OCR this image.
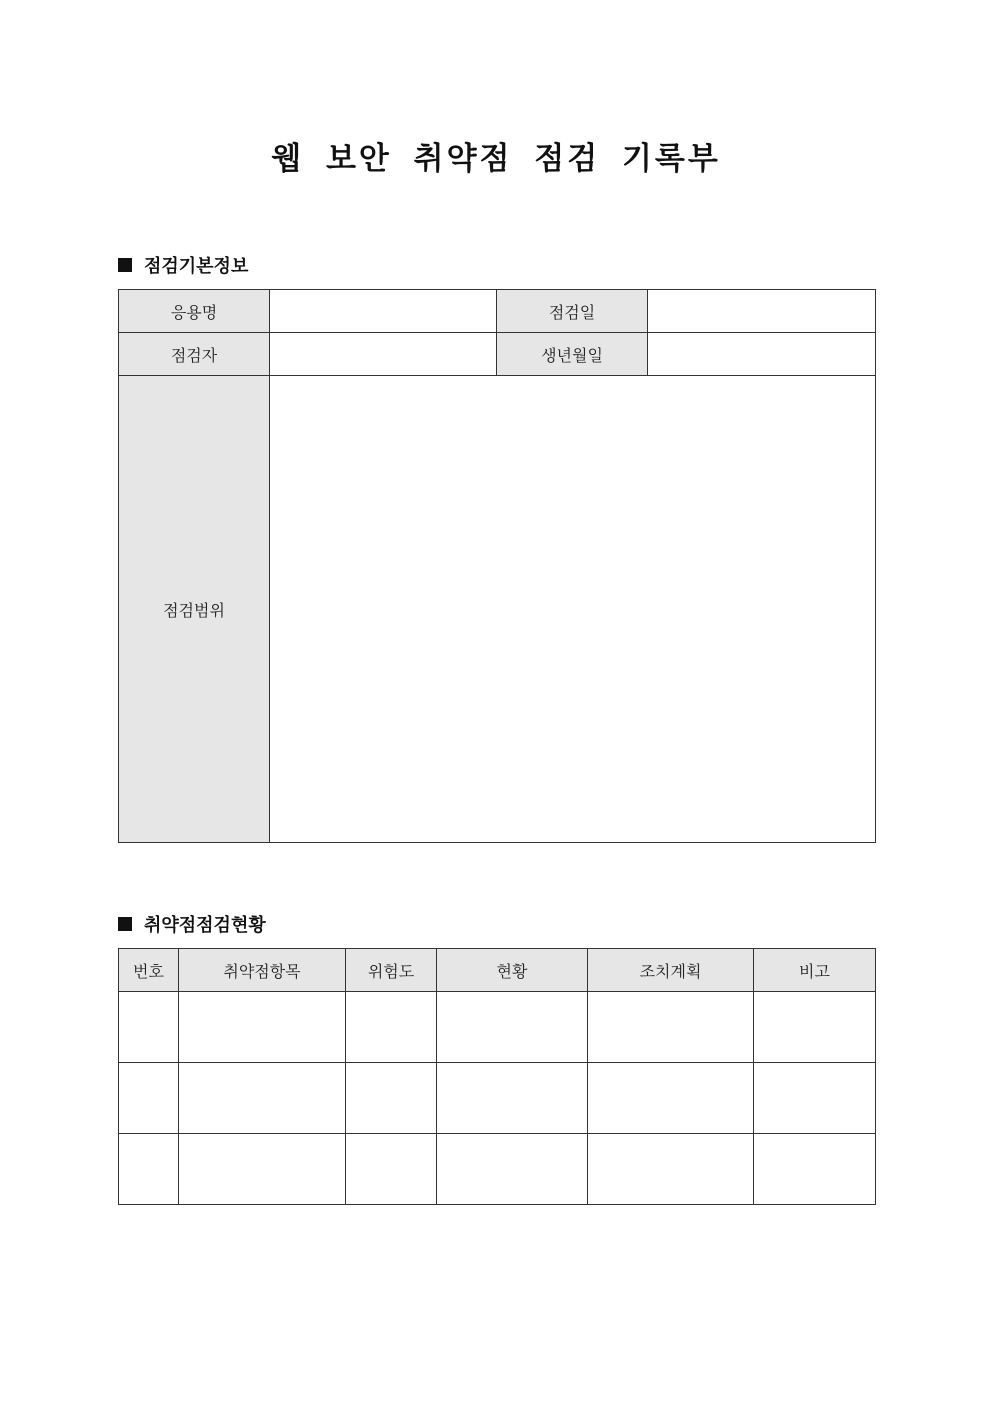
웹 보안 취약점 점검 기록부
점검기본정보
응용명		점검일	
점검자		생년월일	
점검범위			
취약점점검현황
번호	취약점항목	위험도	현황	조치계획	비고
